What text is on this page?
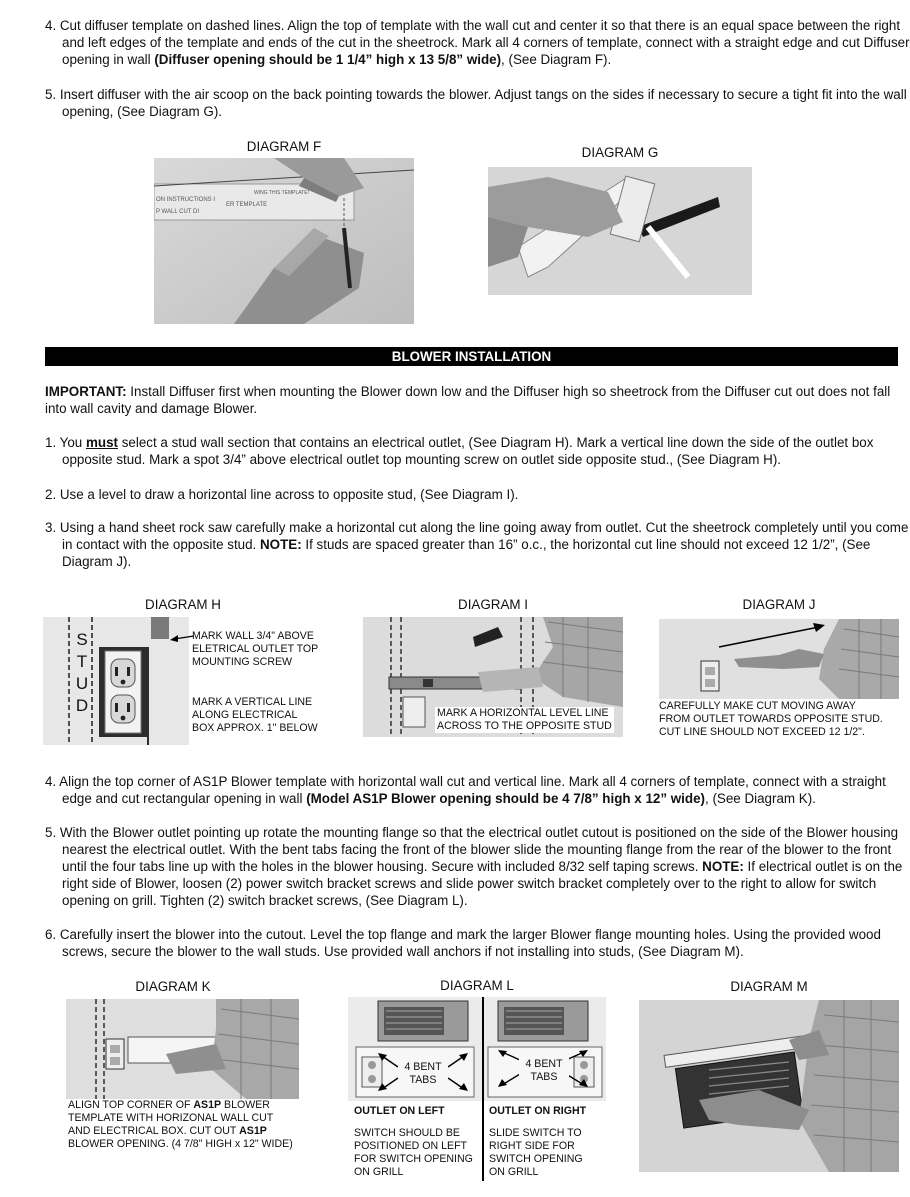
4. Cut diffuser template on dashed lines. Align the top of template with the wall cut and center it so that there is an equal space between the right and left edges of the template and ends of the cut in the sheetrock. Mark all 4 corners of template, connect with a straight edge and cut Diffuser opening in wall (Diffuser opening should be 1 1/4” high x 13 5/8” wide), (See Diagram F).
5. Insert diffuser with the air scoop on the back pointing towards the blower. Adjust tangs on the sides if necessary to secure a tight fit into the wall opening, (See Diagram G).
DIAGRAM F
ON INSTRUCTIONS I
P WALL CUT DI
WING THIS TEMPLATE!
ER TEMPLATE
DIAGRAM G
BLOWER INSTALLATION
IMPORTANT: Install Diffuser first when mounting the Blower down low and the Diffuser high so sheetrock from the Diffuser cut out does not fall into wall cavity and damage Blower.
1. You must select a stud wall section that contains an electrical outlet, (See Diagram H). Mark a vertical line down the side of the outlet box opposite stud. Mark a spot 3/4” above electrical outlet top mounting screw on outlet side opposite stud., (See Diagram H).
2. Use a level to draw a horizontal line across to opposite stud, (See Diagram I).
3. Using a hand sheet rock saw carefully make a horizontal cut along the line going away from outlet. Cut the sheetrock completely until you come in contact with the opposite stud. NOTE: If studs are spaced greater than 16” o.c., the horizontal cut line should not exceed 12 1/2”, (See Diagram J).
DIAGRAM H
S
T
U
D
MARK WALL 3/4" ABOVE
ELETRICAL OUTLET TOP
MOUNTING SCREW
MARK A VERTICAL LINE
ALONG ELECTRICAL
BOX APPROX. 1" BELOW
DIAGRAM I
MARK A HORIZONTAL LEVEL LINE
ACROSS TO THE OPPOSITE STUD
DIAGRAM J
CAREFULLY MAKE CUT MOVING AWAY
FROM OUTLET TOWARDS OPPOSITE STUD.
CUT LINE SHOULD NOT EXCEED 12 1/2".
4. Align the top corner of AS1P Blower template with horizontal wall cut and vertical line. Mark all 4 corners of template, connect with a straight edge and cut rectangular opening in wall (Model AS1P Blower opening should be 4 7/8” high x 12” wide), (See Diagram K).
5. With the Blower outlet pointing up rotate the mounting flange so that the electrical outlet cutout is positioned on the side of the Blower housing nearest the electrical outlet. With the bent tabs facing the front of the blower slide the mounting flange from the rear of the blower to the front until the four tabs line up with the holes in the blower housing. Secure with included 8/32 self taping screws. NOTE: If electrical outlet is on the right side of Blower, loosen (2) power switch bracket screws and slide power switch bracket completely over to the right to allow for switch opening on grill. Tighten (2) switch bracket screws, (See Diagram L).
6. Carefully insert the blower into the cutout. Level the top flange and mark the larger Blower flange mounting holes. Using the provided wood screws, secure the blower to the wall studs. Use provided wall anchors if not installing into studs, (See Diagram M).
DIAGRAM K
ALIGN TOP CORNER OF AS1P BLOWER
TEMPLATE WITH HORIZONAL WALL CUT
AND ELECTRICAL BOX. CUT OUT AS1P
BLOWER OPENING. (4 7/8" HIGH x 12" WIDE)
DIAGRAM L
4 BENT
TABS
4 BENT
TABS
OUTLET ON LEFT
SWITCH SHOULD BE
POSITIONED ON LEFT
FOR SWITCH OPENING
ON GRILL
OUTLET ON RIGHT
SLIDE SWITCH TO
RIGHT SIDE FOR
SWITCH OPENING
ON GRILL
DIAGRAM M
